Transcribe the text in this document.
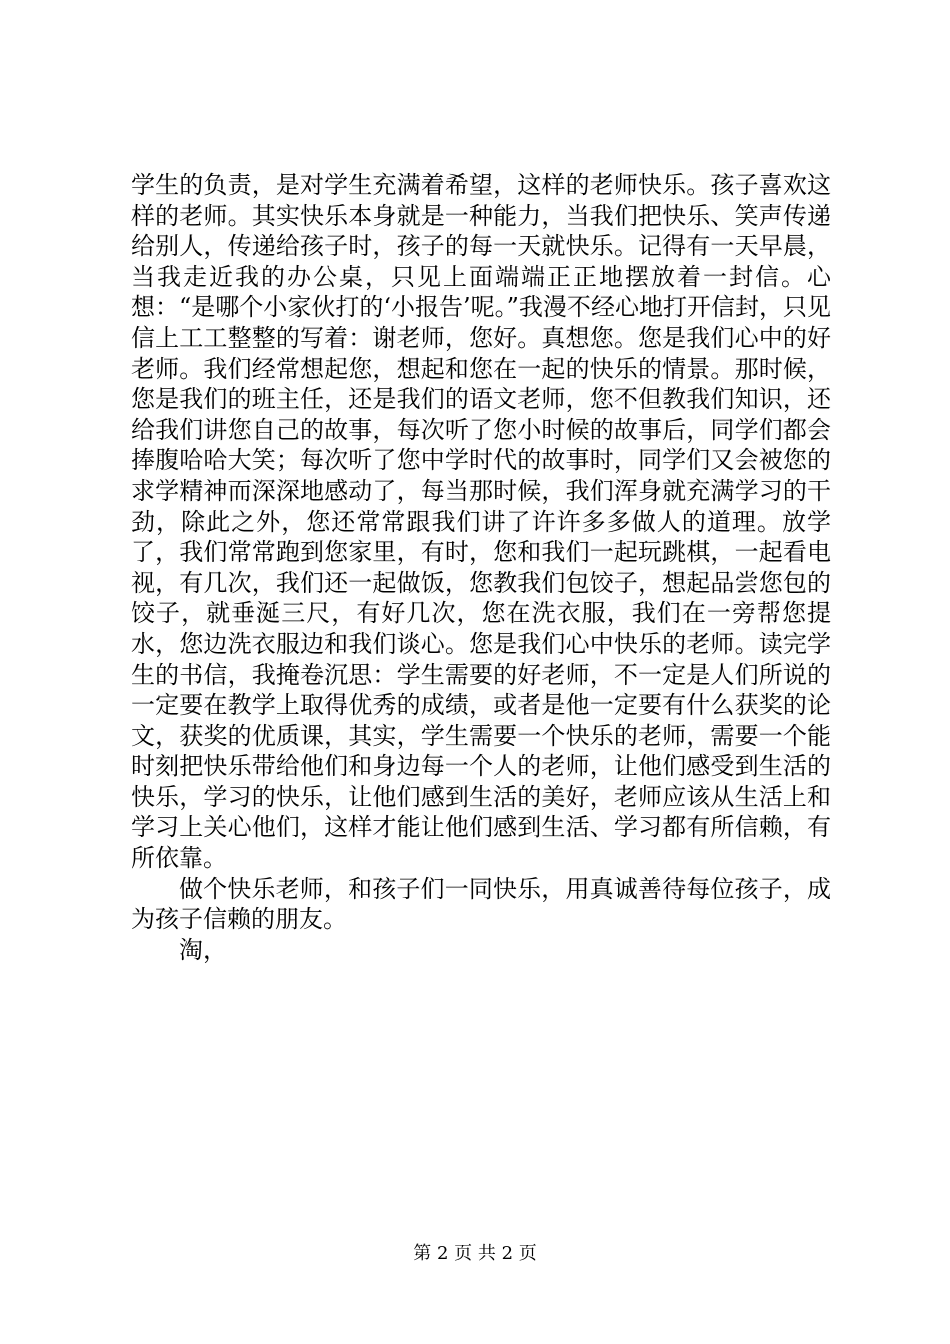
学生的负责，是对学生充满着希望，这样的老师快乐。孩子喜欢这样的老师。其实快乐本身就是一种能力，当我们把快乐、笑声传递给别人，传递给孩子时，孩子的每一天就快乐。记得有一天早晨，当我走近我的办公桌，只见上面端端正正地摆放着一封信。心想：“是哪个小家伙打的‘小报告’呢。”我漫不经心地打开信封，只见信上工工整整的写着：谢老师，您好。真想您。您是我们心中的好老师。我们经常想起您，想起和您在一起的快乐的情景。那时候，您是我们的班主任，还是我们的语文老师，您不但教我们知识，还给我们讲您自己的故事，每次听了您小时候的故事后，同学们都会捧腹哈哈大笑；每次听了您中学时代的故事时，同学们又会被您的求学精神而深深地感动了，每当那时候，我们浑身就充满学习的干劲，除此之外，您还常常跟我们讲了许许多多做人的道理。放学了，我们常常跑到您家里，有时，您和我们一起玩跳棋，一起看电视，有几次，我们还一起做饭，您教我们包饺子，想起品尝您包的饺子，就垂涎三尺，有好几次，您在洗衣服，我们在一旁帮您提水，您边洗衣服边和我们谈心。您是我们心中快乐的老师。读完学生的书信，我掩卷沉思：学生需要的好老师，不一定是人们所说的一定要在教学上取得优秀的成绩，或者是他一定要有什么获奖的论文，获奖的优质课，其实，学生需要一个快乐的老师，需要一个能时刻把快乐带给他们和身边每一个人的老师，让他们感受到生活的快乐，学习的快乐，让他们感到生活的美好，老师应该从生活上和学习上关心他们，这样才能让他们感到生活、学习都有所信赖，有所依靠。

做个快乐老师，和孩子们一同快乐，用真诚善待每位孩子，成为孩子信赖的朋友。

淘，

第 2 页 共 2 页
